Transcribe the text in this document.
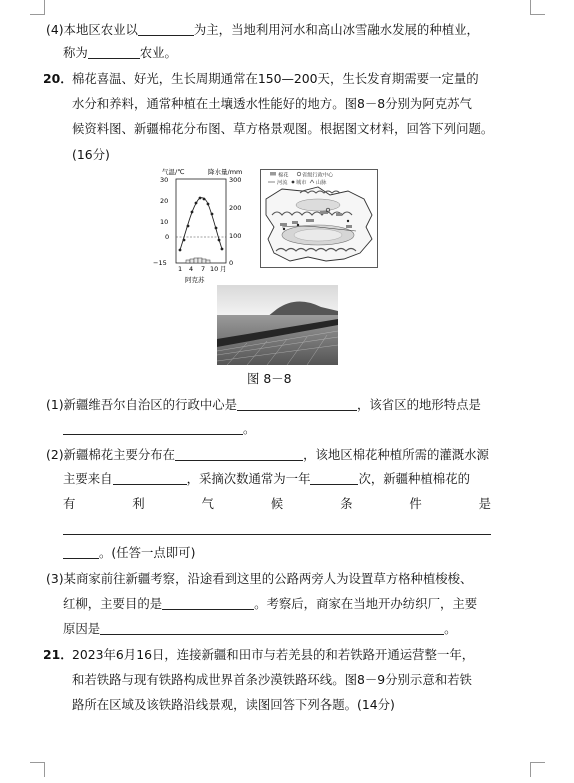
(4)本地区农业以	为主，当地利用河水和高山冰雪融水发展的种植业，
称为	农业。
20． 棉花喜温、好光，生长周期通常在150—200天，生长发育期需要一定量的
水分和养料，通常种植在土壤透水性能好的地方。图8－8分别为阿克苏气
候资料图、新疆棉花分布图、草方格景观图。根据图文材料，回答下列问题。
(16分)
气温/℃	降水量/mm
30
20
10
0
−15
300
200
100
0
1 4 7 10 月
阿克苏
棉花	省级行政中心
河流 城市 山脉
图 8－8
(1)新疆维吾尔自治区的行政中心是	，该省区的地形特点是
。
(2)新疆棉花主要分布在	，该地区棉花种植所需的灌溉水源
主要来自	，采摘次数通常为一年	次，新疆种植棉花的
有	利	气	候	条	件	是
。(任答一点即可)
(3)某商家前往新疆考察，沿途看到这里的公路两旁人为设置草方格种植梭梭、
红柳，主要目的是	。考察后，商家在当地开办纺织厂，主要
原因是	。
21． 2023年6月16日，连接新疆和田市与若羌县的和若铁路开通运营整一年，
和若铁路与现有铁路构成世界首条沙漠铁路环线。图8－9分别示意和若铁
路所在区域及该铁路沿线景观，读图回答下列各题。(14分)
